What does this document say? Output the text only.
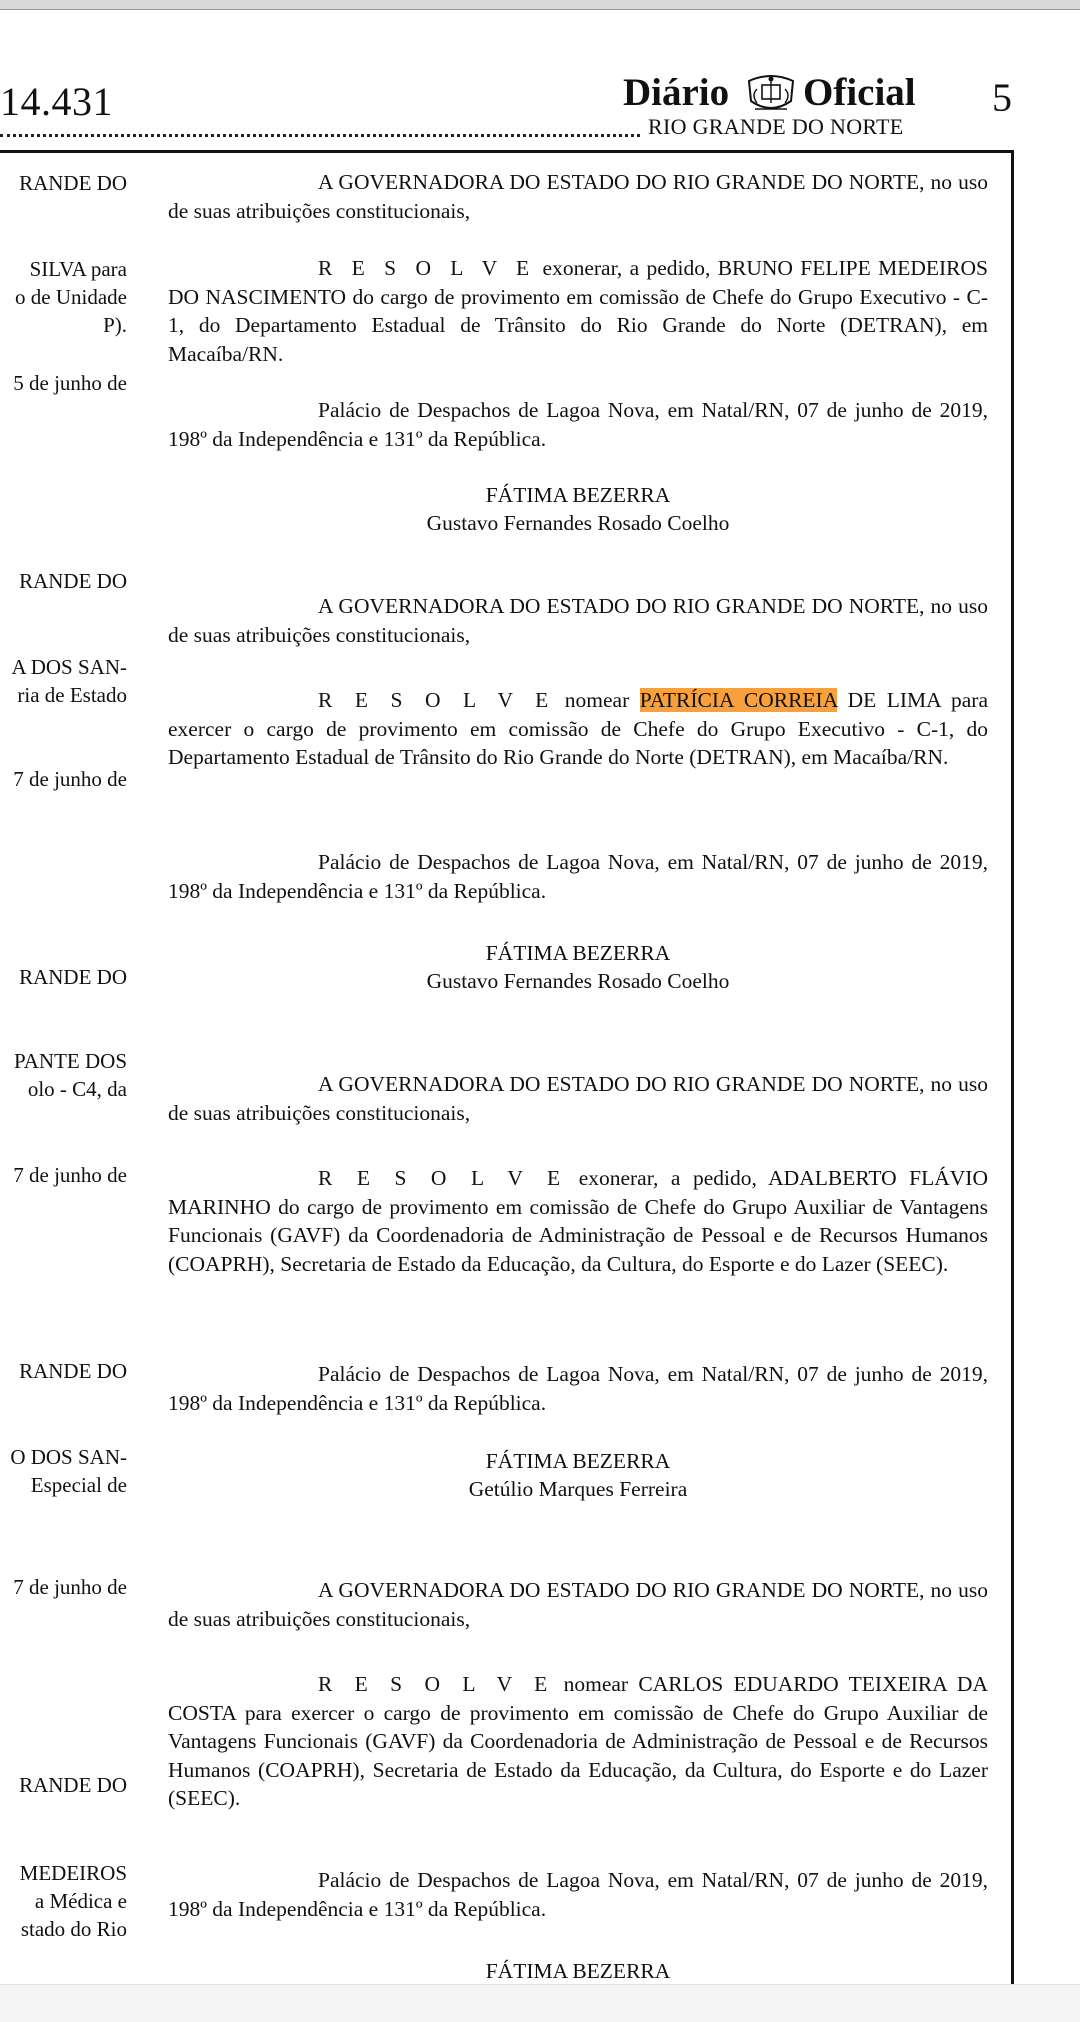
14.431	Diário Oficial
RIO GRANDE DO NORTE
5
RANDE DO
SILVA para
o de Unidade
P).
5 de junho de
RANDE DO
A DOS SAN-
ria de Estado
7 de junho de
RANDE DO
PANTE DOS
olo - C4, da
7 de junho de
RANDE DO
O DOS SAN-
Especial de
7 de junho de
RANDE DO
MEDEIROS
a Médica e
stado do Rio

A GOVERNADORA DO ESTADO DO RIO GRANDE DO NORTE, no uso de suas atribuições constitucionais,

R E S O L V E exonerar, a pedido, BRUNO FELIPE MEDEIROS DO NASCIMENTO do cargo de provimento em comissão de Chefe do Grupo Executivo - C-1, do Departamento Estadual de Trânsito do Rio Grande do Norte (DETRAN), em Macaíba/RN.

Palácio de Despachos de Lagoa Nova, em Natal/RN, 07 de junho de 2019, 198º da Independência e 131º da República.

FÁTIMA BEZERRA
Gustavo Fernandes Rosado Coelho

A GOVERNADORA DO ESTADO DO RIO GRANDE DO NORTE, no uso de suas atribuições constitucionais,

R E S O L V E nomear PATRÍCIA CORREIA DE LIMA para exercer o cargo de provimento em comissão de Chefe do Grupo Executivo - C-1, do Departamento Estadual de Trânsito do Rio Grande do Norte (DETRAN), em Macaíba/RN.

Palácio de Despachos de Lagoa Nova, em Natal/RN, 07 de junho de 2019, 198º da Independência e 131º da República.

FÁTIMA BEZERRA
Gustavo Fernandes Rosado Coelho

A GOVERNADORA DO ESTADO DO RIO GRANDE DO NORTE, no uso de suas atribuições constitucionais,

R E S O L V E exonerar, a pedido, ADALBERTO FLÁVIO MARINHO do cargo de provimento em comissão de Chefe do Grupo Auxiliar de Vantagens Funcionais (GAVF) da Coordenadoria de Administração de Pessoal e de Recursos Humanos (COAPRH), Secretaria de Estado da Educação, da Cultura, do Esporte e do Lazer (SEEC).

Palácio de Despachos de Lagoa Nova, em Natal/RN, 07 de junho de 2019, 198º da Independência e 131º da República.

FÁTIMA BEZERRA
Getúlio Marques Ferreira

A GOVERNADORA DO ESTADO DO RIO GRANDE DO NORTE, no uso de suas atribuições constitucionais,

R E S O L V E nomear CARLOS EDUARDO TEIXEIRA DA COSTA para exercer o cargo de provimento em comissão de Chefe do Grupo Auxiliar de Vantagens Funcionais (GAVF) da Coordenadoria de Administração de Pessoal e de Recursos Humanos (COAPRH), Secretaria de Estado da Educação, da Cultura, do Esporte e do Lazer (SEEC).

Palácio de Despachos de Lagoa Nova, em Natal/RN, 07 de junho de 2019, 198º da Independência e 131º da República.

FÁTIMA BEZERRA
